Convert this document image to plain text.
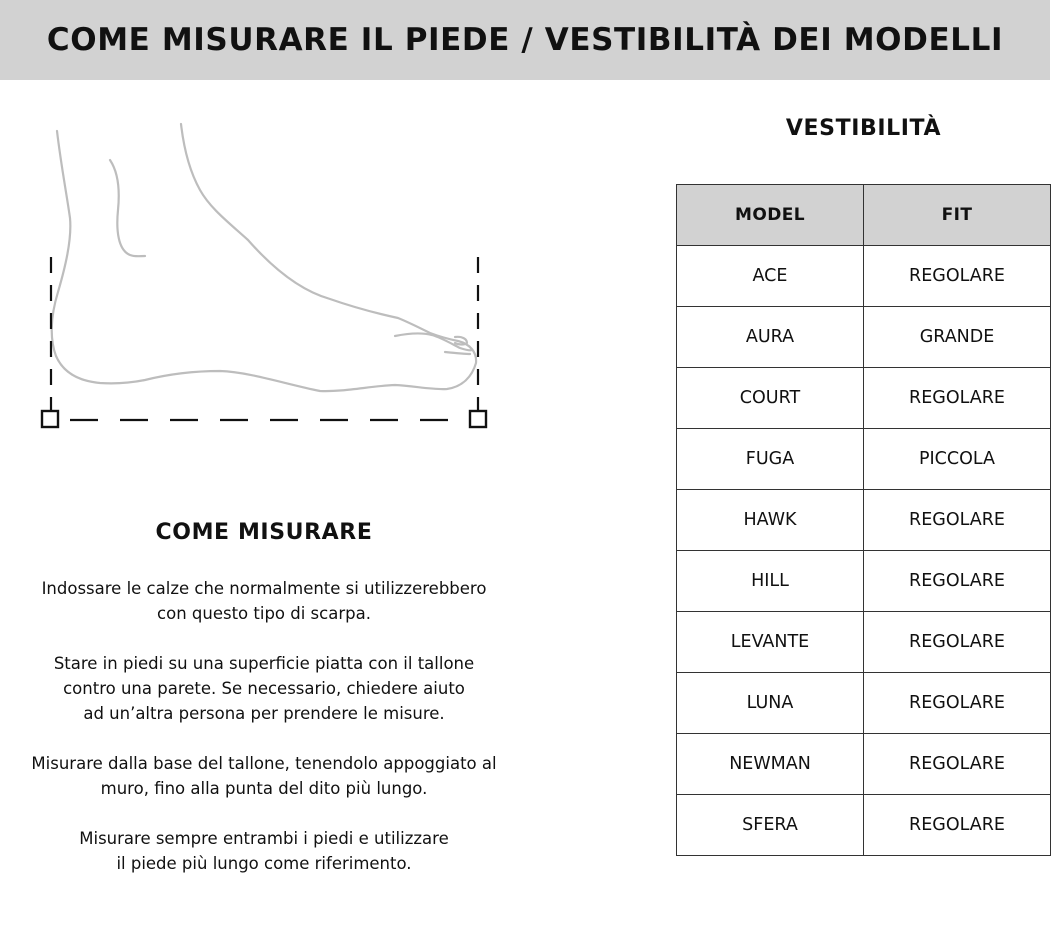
COME MISURARE IL PIEDE / VESTIBILITÀ DEI MODELLI
COME MISURARE

Indossare le calze che normalmente si utilizzerebbero
con questo tipo di scarpa.

Stare in piedi su una superficie piatta con il tallone
contro una parete. Se necessario, chiedere aiuto
ad un’altra persona per prendere le misure.

Misurare dalla base del tallone, tenendolo appoggiato al
muro, fino alla punta del dito più lungo.

Misurare sempre entrambi i piedi e utilizzare
il piede più lungo come riferimento.

VESTIBILITÀ
MODEL	FIT
ACE	REGOLARE
AURA	GRANDE
COURT	REGOLARE
FUGA	PICCOLA
HAWK	REGOLARE
HILL	REGOLARE
LEVANTE	REGOLARE
LUNA	REGOLARE
NEWMAN	REGOLARE
SFERA	REGOLARE
